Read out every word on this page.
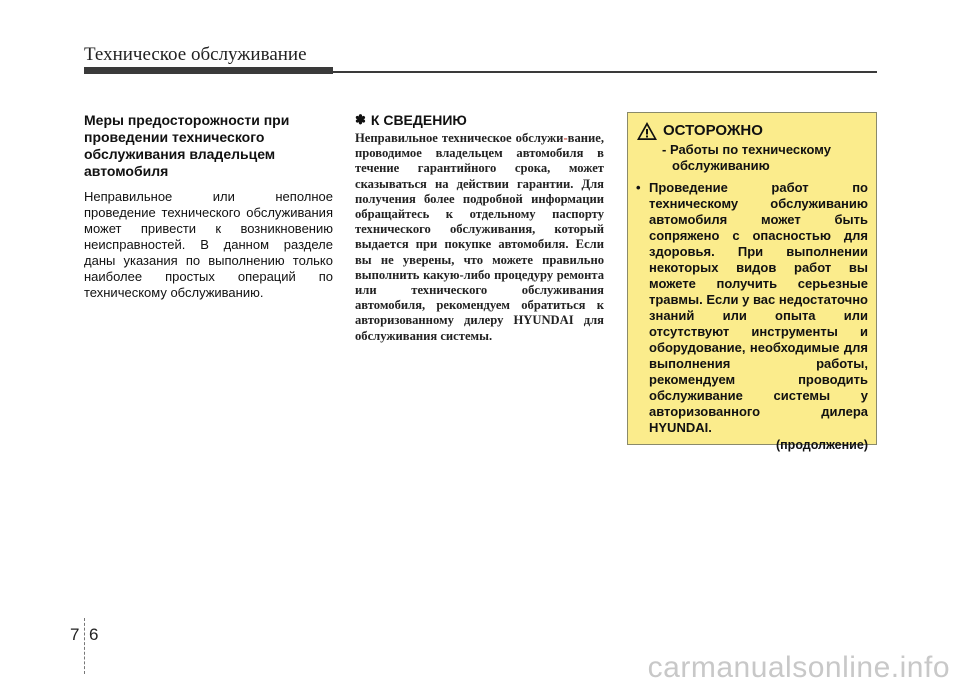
Техническое обслуживание
Меры предосторожности при проведении технического обслуживания владельцем автомобиля

Неправильное или неполное проведение технического обслуживания может привести к возникновению неисправностей. В данном разделе даны указания по выполнению только наиболее простых операций по техническому обслуживанию.

✽ К СВЕДЕНИЮ

Неправильное техническое обслужи-вание, проводимое владельцем автомобиля в течение гарантийного срока, может сказываться на действии гарантии. Для получения более подробной информации обращайтесь к отдельному паспорту технического обслуживания, который выдается при покупке автомобиля. Если вы не уверены, что можете правильно выполнить какую-либо процедуру ремонта или технического обслуживания автомобиля, рекомендуем обратиться к авторизованному дилеру HYUNDAI для обслуживания системы.

ОСТОРОЖНО
- Работы по техническому обслуживанию
• Проведение работ по техническому обслуживанию автомобиля может быть сопряжено с опасностью для здоровья. При выполнении некоторых видов работ вы можете получить серьезные травмы. Если у вас недостаточно знаний или опыта или отсутствуют инструменты и оборудование, необходимые для выполнения работы, рекомендуем проводить обслуживание системы у авторизованного дилера HYUNDAI.
(продолжение)
7 6
carmanualsonline.info
